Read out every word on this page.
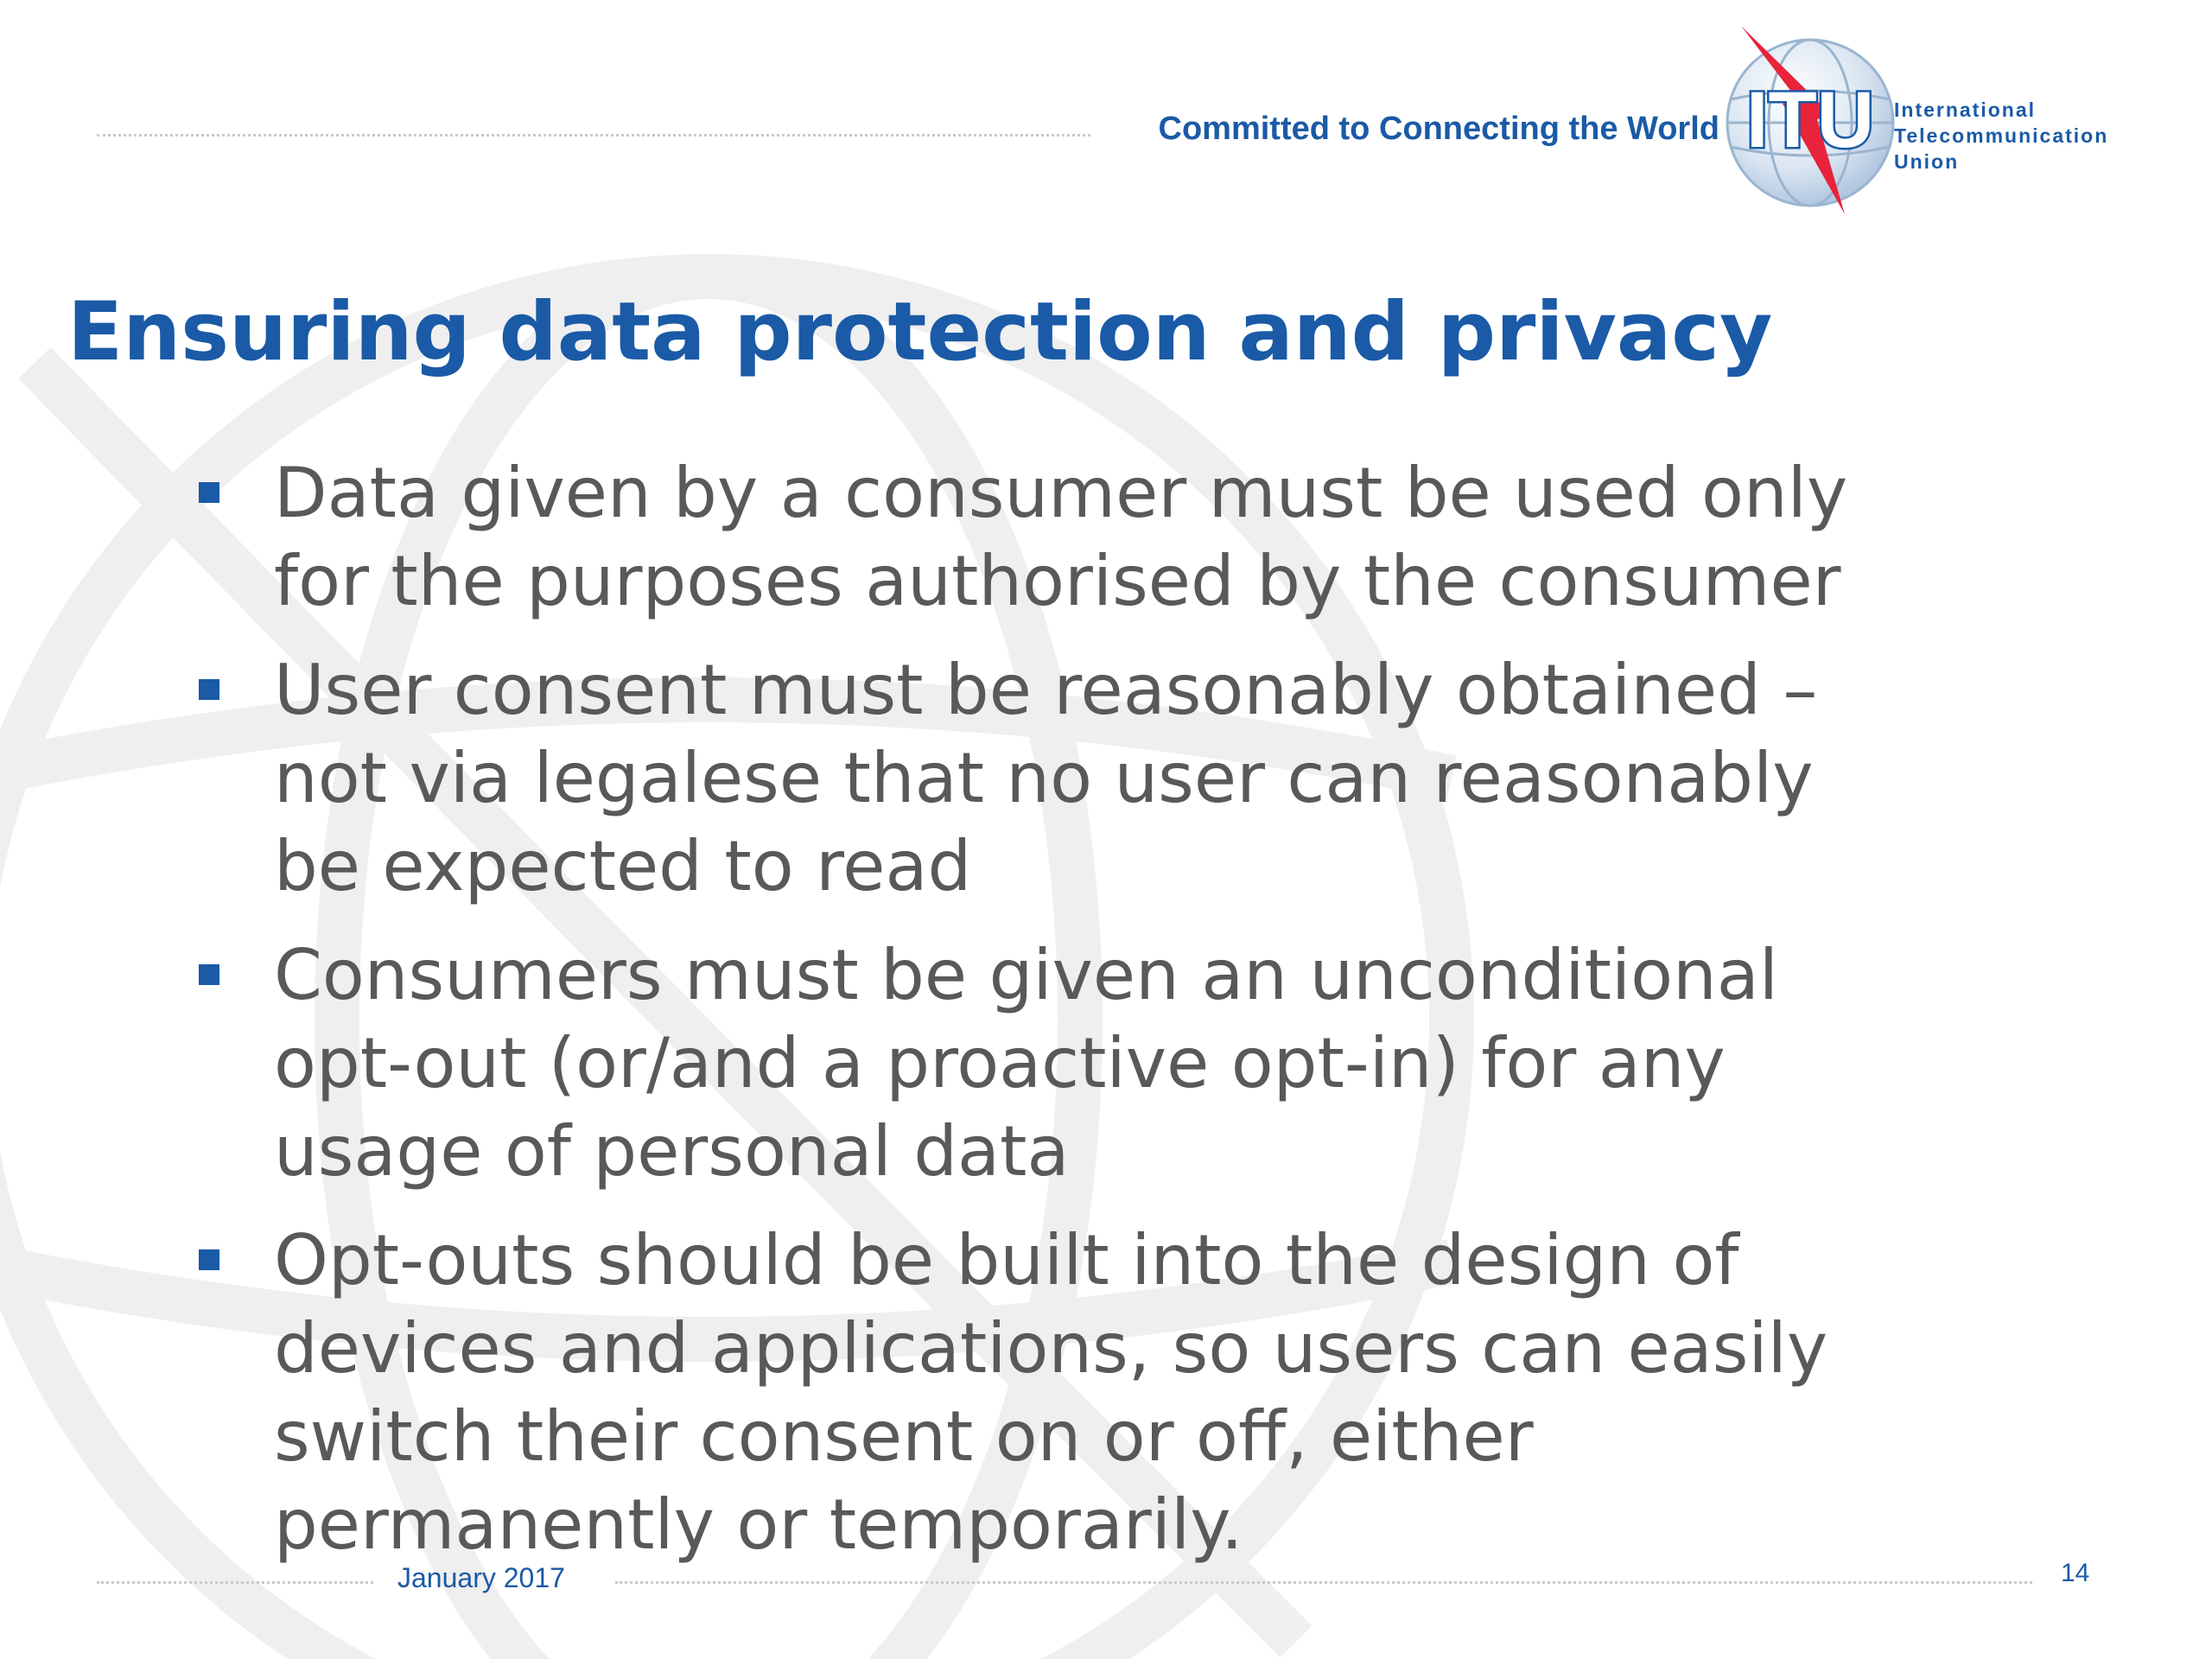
Committed to Connecting the World ITU International
Telecommunication
Union
Ensuring data protection and privacy
Data given by a consumer must be used only
for the purposes authorised by the consumer
User consent must be reasonably obtained –
not via legalese that no user can reasonably
be expected to read
Consumers must be given an unconditional
opt-out (or/and a proactive opt-in) for any
usage of personal data
Opt-outs should be built into the design of
devices and applications, so users can easily
switch their consent on or off, either
permanently or temporarily.
January 2017	14
